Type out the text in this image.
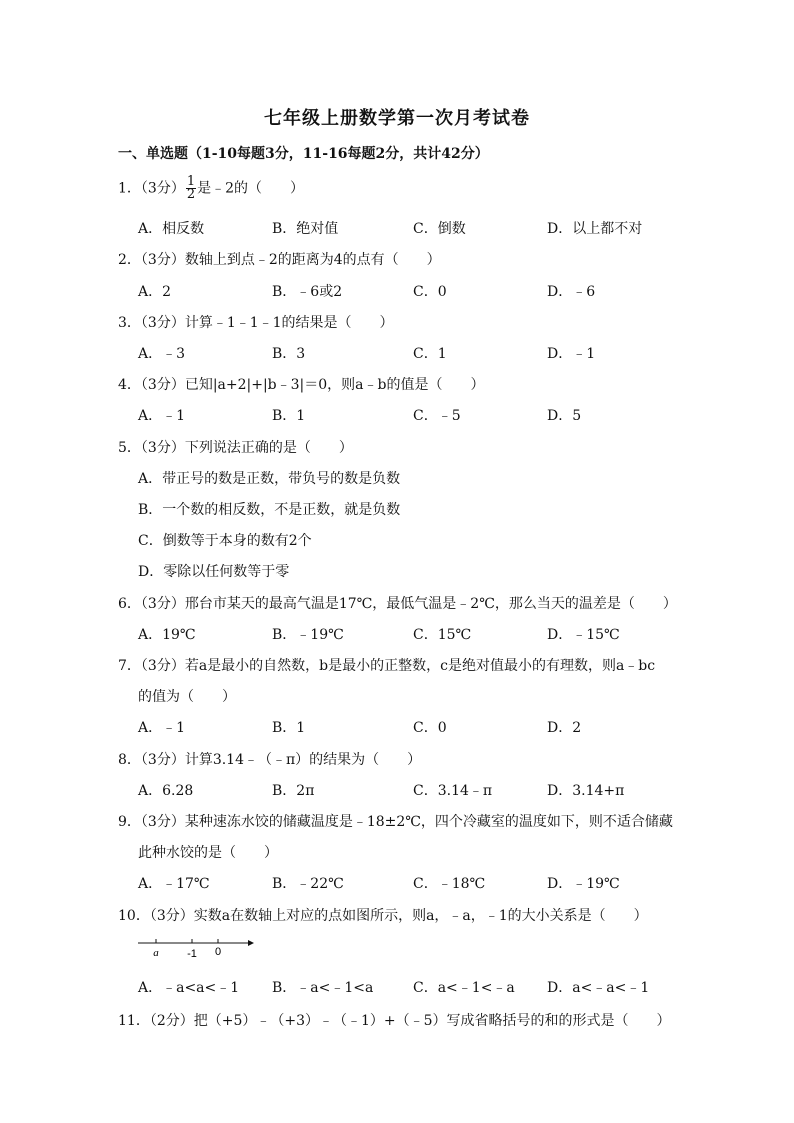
七年级上册数学第一次月考试卷
一、单选题（1-10每题3分，11-16每题2分，共计42分）
1．（3分） $\frac{1}{2}$ 是﹣2的（　　）
A．相反数	B．绝对值	C．倒数	D．以上都不对
2．（3分）数轴上到点﹣2的距离为4的点有（　　）
A．2	B．﹣6或2	C．0	D．﹣6
3．（3分）计算﹣1﹣1﹣1的结果是（　　）
A．﹣3	B．3	C．1	D．﹣1
4．（3分）已知|a+2|+|b﹣3|＝0，则a﹣b的值是（　　）
A．﹣1	B．1	C．﹣5	D．5
5．（3分）下列说法正确的是（　　）
A．带正号的数是正数，带负号的数是负数
B．一个数的相反数，不是正数，就是负数
C．倒数等于本身的数有2个
D．零除以任何数等于零
6．（3分）邢台市某天的最高气温是17℃，最低气温是﹣2℃，那么当天的温差是（　　）
A．19℃	B．﹣19℃	C．15℃	D．﹣15℃
7．（3分）若a是最小的自然数，b是最小的正整数，c是绝对值最小的有理数，则a﹣bc
的值为（　　）
A．﹣1	B．1	C．0	D．2
8．（3分）计算3.14﹣（﹣π）的结果为（　　）
A．6.28	B．2π	C．3.14﹣π	D．3.14+π
9．（3分）某种速冻水饺的储藏温度是﹣18±2℃，四个冷藏室的温度如下，则不适合储藏
此种水饺的是（　　）
A．﹣17℃	B．﹣22℃	C．﹣18℃	D．﹣19℃
10．（3分）实数a在数轴上对应的点如图所示，则a，﹣a，﹣1的大小关系是（　　）
a	-1 0
A．﹣a<a<﹣1 B．﹣a<﹣1<a	C．a<﹣1<﹣a D．a<﹣a<﹣1
11．（2分）把（+5）﹣（+3）﹣（﹣1）+（﹣5）写成省略括号的和的形式是（　　）
